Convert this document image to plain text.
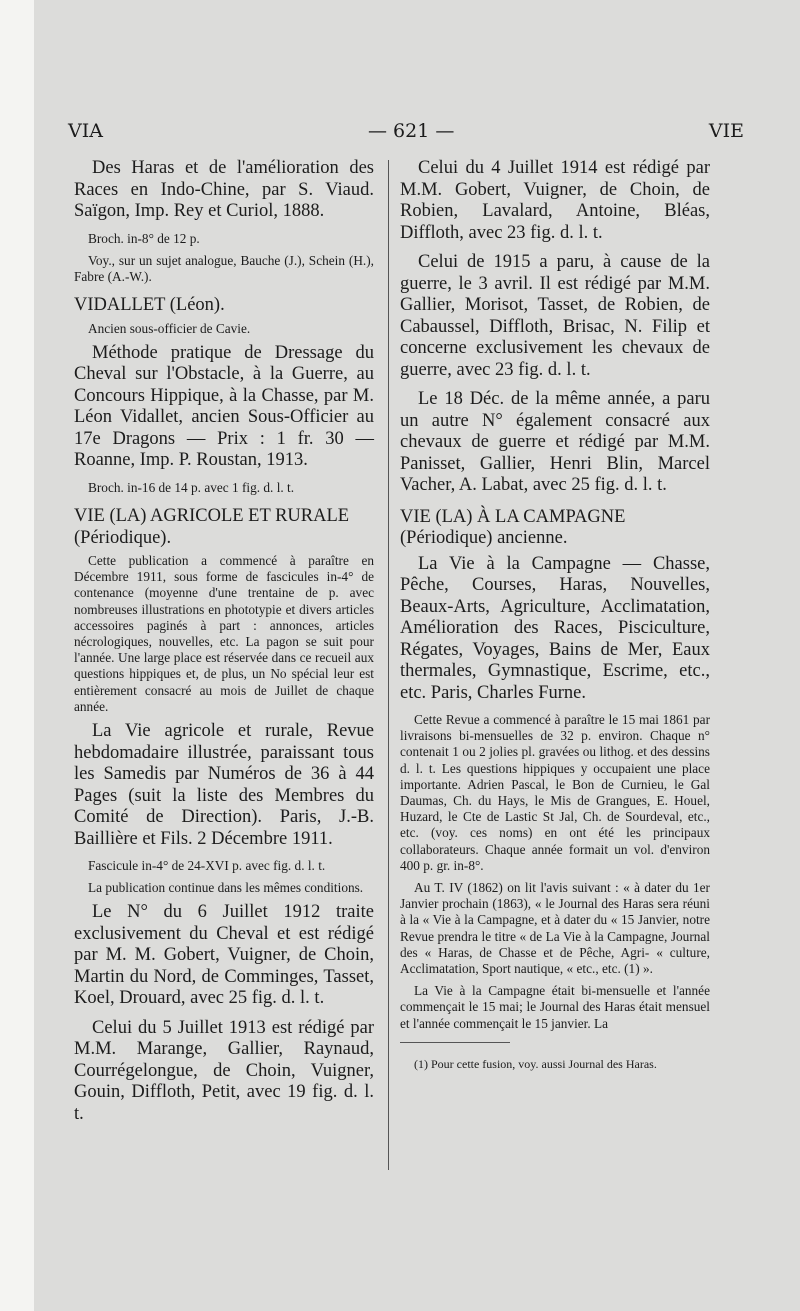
VIA	— 621 —	VIE

Des Haras et de l'amélioration des Races en Indo-Chine, par S. Viaud. Saïgon, Imp. Rey et Curiol, 1888.

Broch. in-8° de 12 p.

Voy., sur un sujet analogue, Bauche (J.), Schein (H.), Fabre (A.-W.).

VIDALLET (Léon).

Ancien sous-officier de Cavie.

Méthode pratique de Dressage du Cheval sur l'Obstacle, à la Guerre, au Concours Hippique, à la Chasse, par M. Léon Vidallet, ancien Sous-Officier au 17e Dragons — Prix : 1 fr. 30 — Roanne, Imp. P. Roustan, 1913.

Broch. in-16 de 14 p. avec 1 fig. d. l. t.

VIE (LA) AGRICOLE ET RURALE (Périodique).

Cette publication a commencé à paraître en Décembre 1911, sous forme de fascicules in-4° de contenance (moyenne d'une trentaine de p. avec nombreuses illustrations en phototypie et divers articles accessoires paginés à part : annonces, articles nécrologiques, nouvelles, etc. La pagon se suit pour l'année. Une large place est réservée dans ce recueil aux questions hippiques et, de plus, un No spécial leur est entièrement consacré au mois de Juillet de chaque année.

La Vie agricole et rurale, Revue hebdomadaire illustrée, paraissant tous les Samedis par Numéros de 36 à 44 Pages (suit la liste des Membres du Comité de Direction). Paris, J.-B. Baillière et Fils. 2 Décembre 1911.

Fascicule in-4° de 24-XVI p. avec fig. d. l. t.

La publication continue dans les mêmes conditions.

Le N° du 6 Juillet 1912 traite exclusivement du Cheval et est rédigé par M. M. Gobert, Vuigner, de Choin, Martin du Nord, de Comminges, Tasset, Koel, Drouard, avec 25 fig. d. l. t.

Celui du 5 Juillet 1913 est rédigé par M.M. Marange, Gallier, Raynaud, Courrégelongue, de Choin, Vuigner, Gouin, Diffloth, Petit, avec 19 fig. d. l. t.

Celui du 4 Juillet 1914 est rédigé par M.M. Gobert, Vuigner, de Choin, de Robien, Lavalard, Antoine, Bléas, Diffloth, avec 23 fig. d. l. t.

Celui de 1915 a paru, à cause de la guerre, le 3 avril. Il est rédigé par M.M. Gallier, Morisot, Tasset, de Robien, de Cabaussel, Diffloth, Brisac, N. Filip et concerne exclusivement les chevaux de guerre, avec 23 fig. d. l. t.

Le 18 Déc. de la même année, a paru un autre N° également consacré aux chevaux de guerre et rédigé par M.M. Panisset, Gallier, Henri Blin, Marcel Vacher, A. Labat, avec 25 fig. d. l. t.

VIE (LA) À LA CAMPAGNE (Périodique) ancienne.

La Vie à la Campagne — Chasse, Pêche, Courses, Haras, Nouvelles, Beaux-Arts, Agriculture, Acclimatation, Amélioration des Races, Pisciculture, Régates, Voyages, Bains de Mer, Eaux thermales, Gymnastique, Escrime, etc., etc. Paris, Charles Furne.

Cette Revue a commencé à paraître le 15 mai 1861 par livraisons bi-mensuelles de 32 p. environ. Chaque n° contenait 1 ou 2 jolies pl. gravées ou lithog. et des dessins d. l. t. Les questions hippiques y occupaient une place importante. Adrien Pascal, le Bon de Curnieu, le Gal Daumas, Ch. du Hays, le Mis de Grangues, E. Houel, Huzard, le Cte de Lastic St Jal, Ch. de Sourdeval, etc., etc. (voy. ces noms) en ont été les principaux collaborateurs. Chaque année formait un vol. d'environ 400 p. gr. in-8°.

Au T. IV (1862) on lit l'avis suivant : « à dater du 1er Janvier prochain (1863), « le Journal des Haras sera réuni à la « Vie à la Campagne, et à dater du « 15 Janvier, notre Revue prendra le titre « de La Vie à la Campagne, Journal des « Haras, de Chasse et de Pêche, Agri- « culture, Acclimatation, Sport nautique, « etc., etc. (1) ».

La Vie à la Campagne était bi-mensuelle et l'année commençait le 15 mai; le Journal des Haras était mensuel et l'année commençait le 15 janvier. La

(1) Pour cette fusion, voy. aussi Journal des Haras.
